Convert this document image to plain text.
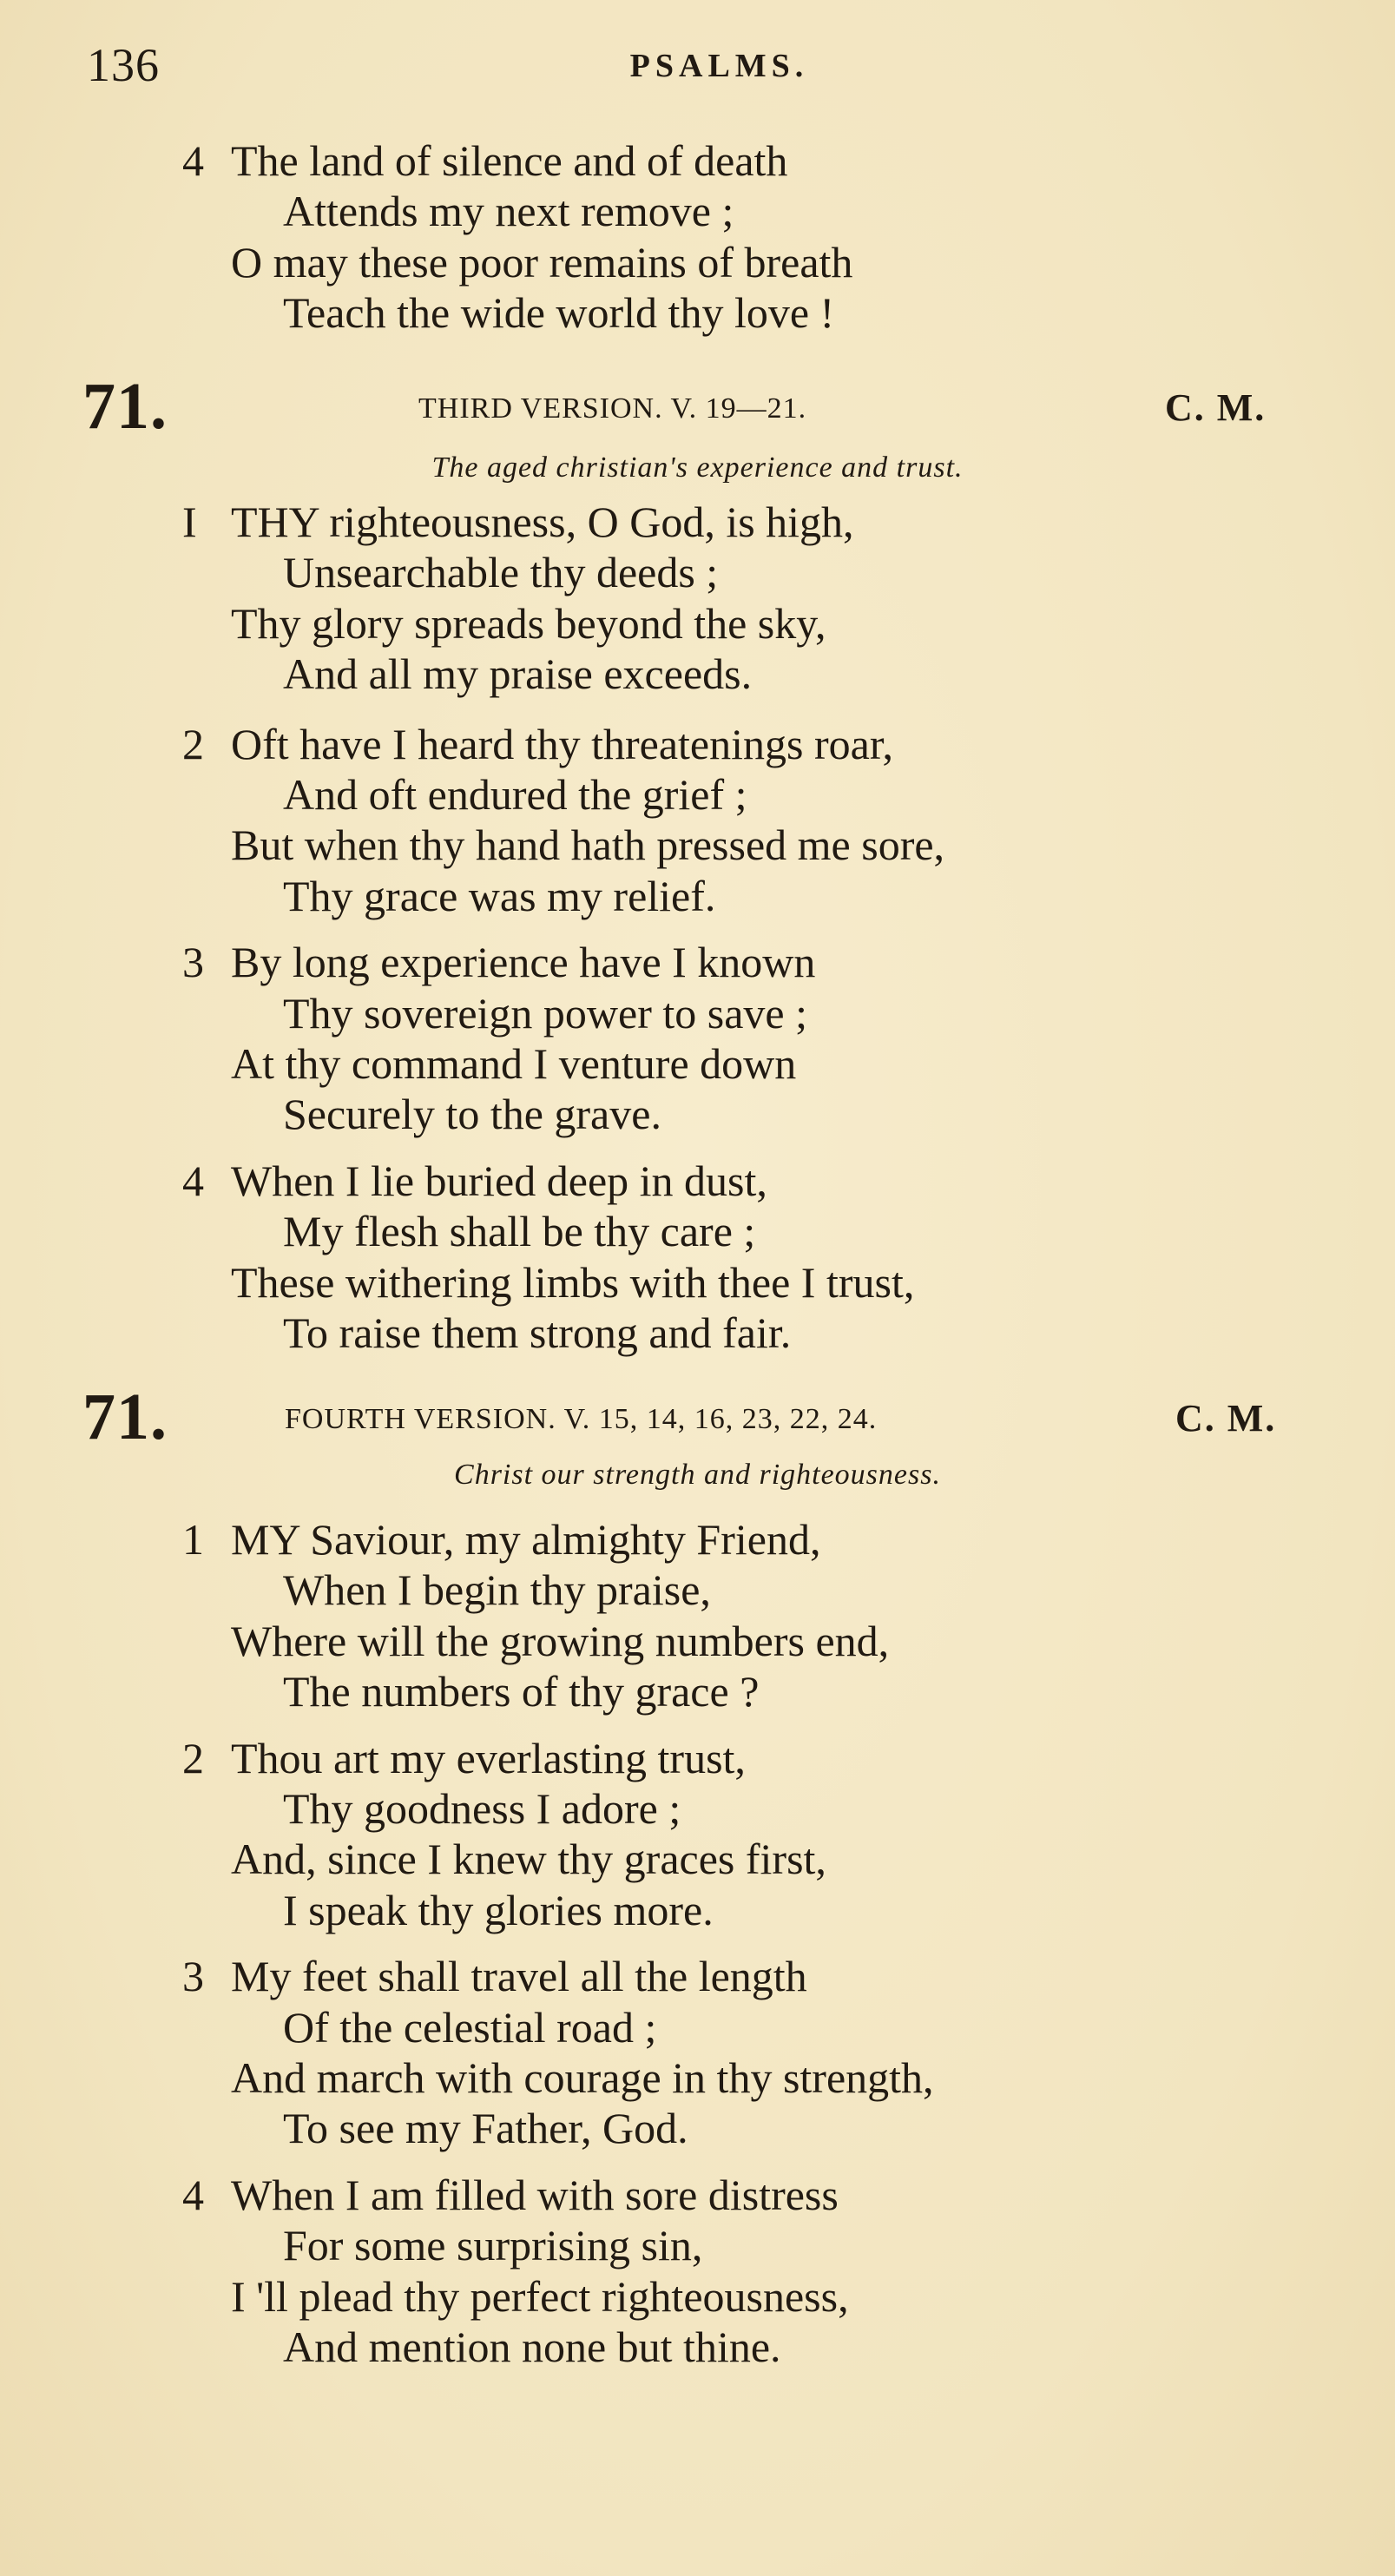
136	PSALMS.
4 The land of silence and of death
Attends my next remove ;
O may these poor remains of breath
Teach the wide world thy love !
71.	THIRD VERSION. V. 19—21.	C. M.
The aged christian's experience and trust.
I THY righteousness, O God, is high,
Unsearchable thy deeds ;
Thy glory spreads beyond the sky,
And all my praise exceeds.
2 Oft have I heard thy threatenings roar,
And oft endured the grief ;
But when thy hand hath pressed me sore,
Thy grace was my relief.
3 By long experience have I known
Thy sovereign power to save ;
At thy command I venture down
Securely to the grave.
4 When I lie buried deep in dust,
My flesh shall be thy care ;
These withering limbs with thee I trust,
To raise them strong and fair.
71.	FOURTH VERSION. V. 15, 14, 16, 23, 22, 24.	C. M.
Christ our strength and righteousness.
1 MY Saviour, my almighty Friend,
When I begin thy praise,
Where will the growing numbers end,
The numbers of thy grace ?
2 Thou art my everlasting trust,
Thy goodness I adore ;
And, since I knew thy graces first,
I speak thy glories more.
3 My feet shall travel all the length
Of the celestial road ;
And march with courage in thy strength,
To see my Father, God.
4 When I am filled with sore distress
For some surprising sin,
I 'll plead thy perfect righteousness,
And mention none but thine.
